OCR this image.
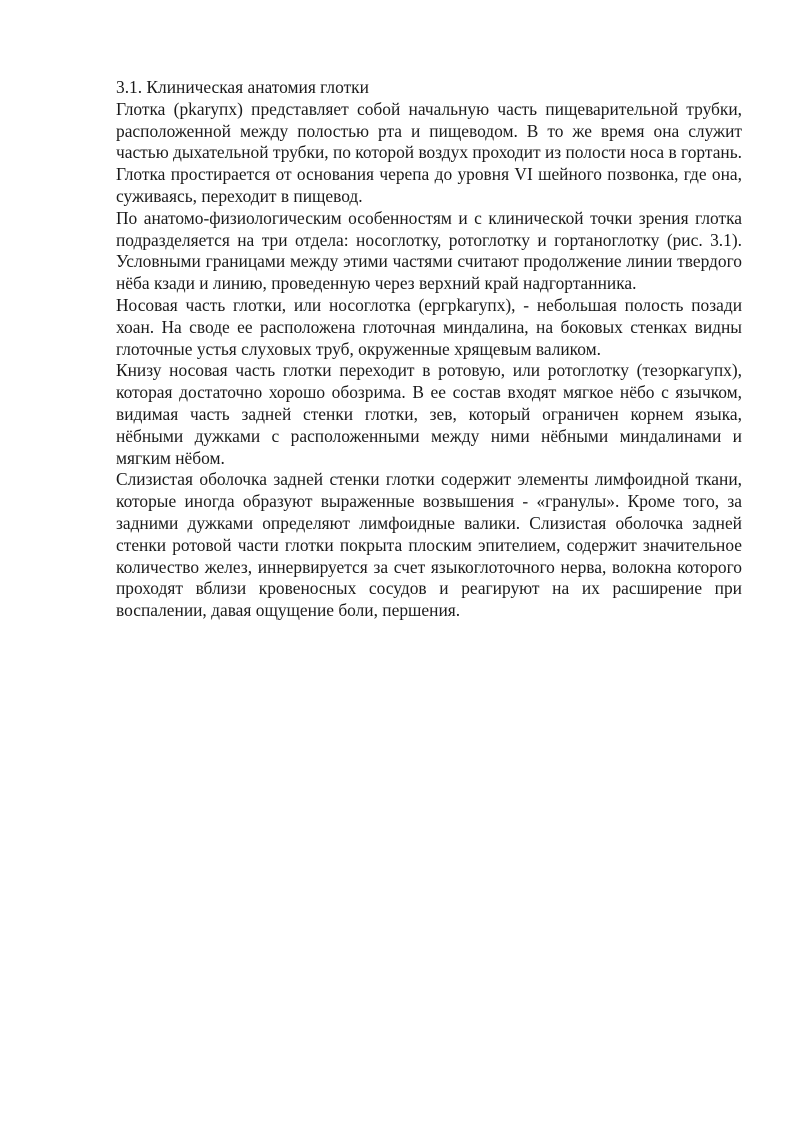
3.1. Клиническая анатомия глотки

Глотка (pkaryпx) представляет собой начальную часть пищеварительной трубки, расположенной между полостью рта и пищеводом. В то же время она служит частью дыхательной трубки, по которой воздух проходит из полости носа в гортань. Глотка простирается от основания черепа до уровня VI шейного позвонка, где она, суживаясь, переходит в пищевод.

По анатомо-физиологическим особенностям и с клинической точки зрения глотка подразделяется на три отдела: носоглотку, ротоглотку и гортаноглотку (рис. 3.1). Условными границами между этими частями считают продолжение линии твердого нёба кзади и линию, проведенную через верхний край надгортанника.

Носовая часть глотки, или носоглотка (epгpkaryпx), - небольшая полость позади хоан. На своде ее расположена глоточная миндалина, на боковых стенках видны глоточные устья слуховых труб, окруженные хрящевым валиком.

Книзу носовая часть глотки переходит в ротовую, или ротоглотку (тезоркагупх), которая достаточно хорошо обозрима. В ее состав входят мягкое нёбо с язычком, видимая часть задней стенки глотки, зев, который ограничен корнем языка, нёбными дужками с расположенными между ними нёбными миндалинами и мягким нёбом.

Слизистая оболочка задней стенки глотки содержит элементы лимфоидной ткани, которые иногда образуют выраженные возвышения - «гранулы». Кроме того, за задними дужками определяют лимфоидные валики. Слизистая оболочка задней стенки ротовой части глотки покрыта плоским эпителием, содержит значительное количество желез, иннервируется за счет языкоглоточного нерва, волокна которого проходят вблизи кровеносных сосудов и реагируют на их расширение при воспалении, давая ощущение боли, першения.
